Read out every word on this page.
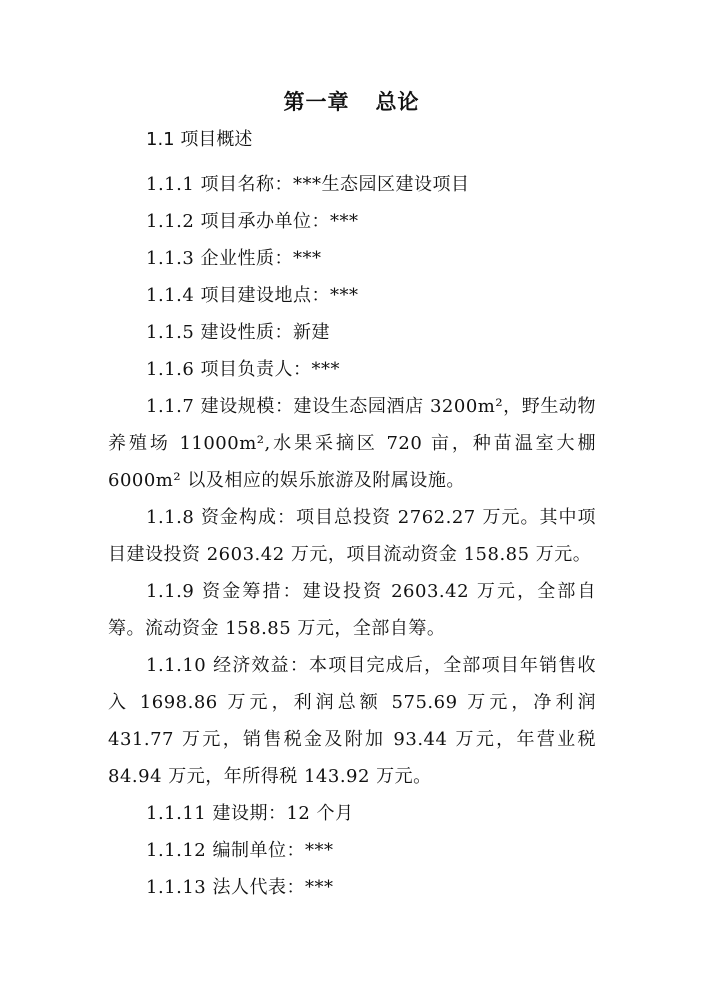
第一章 总论
1.1 项目概述

1.1.1 项目名称：***生态园区建设项目

1.1.2 项目承办单位：***

1.1.3 企业性质：***

1.1.4 项目建设地点：***

1.1.5 建设性质：新建

1.1.6 项目负责人：***

1.1.7 建设规模：建设生态园酒店 3200m²，野生动物养殖场 11000m²,水果采摘区 720 亩，种苗温室大棚 6000m² 以及相应的娱乐旅游及附属设施。

1.1.8 资金构成：项目总投资 2762.27 万元。其中项目建设投资 2603.42 万元，项目流动资金 158.85 万元。

1.1.9 资金筹措：建设投资 2603.42 万元，全部自筹。流动资金 158.85 万元，全部自筹。

1.1.10 经济效益：本项目完成后，全部项目年销售收入 1698.86 万元，利润总额 575.69 万元，净利润 431.77 万元，销售税金及附加 93.44 万元，年营业税 84.94 万元，年所得税 143.92 万元。

1.1.11 建设期：12 个月

1.1.12 编制单位：***

1.1.13 法人代表：***
